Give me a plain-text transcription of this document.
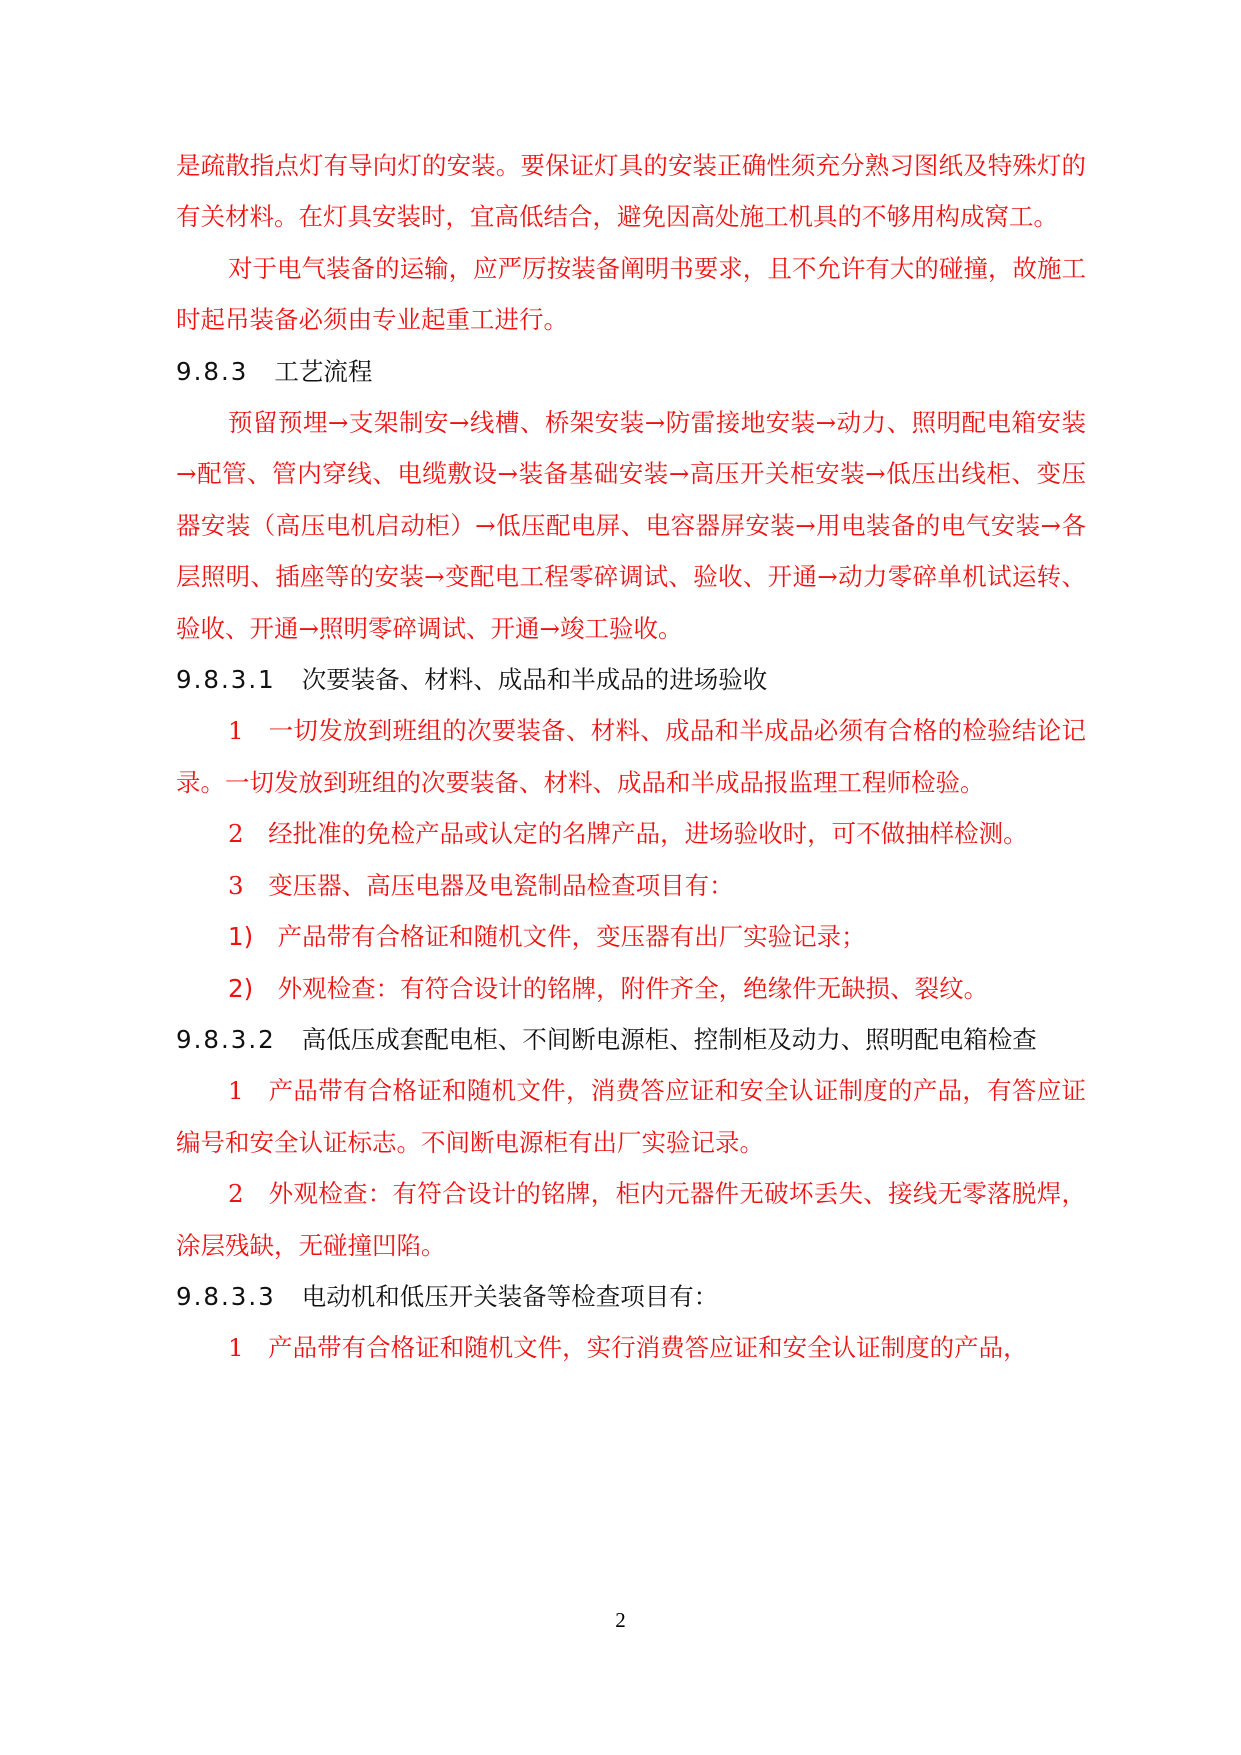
是疏散指点灯有导向灯的安装。要保证灯具的安装正确性须充分熟习图纸及特殊灯的有关材料。在灯具安装时，宜高低结合，避免因高处施工机具的不够用构成窝工。

对于电气装备的运输，应严厉按装备阐明书要求，且不允许有大的碰撞，故施工时起吊装备必须由专业起重工进行。

9.8.3 工艺流程

预留预埋→支架制安→线槽、桥架安装→防雷接地安装→动力、照明配电箱安装→配管、管内穿线、电缆敷设→装备基础安装→高压开关柜安装→低压出线柜、变压器安装（高压电机启动柜）→低压配电屏、电容器屏安装→用电装备的电气安装→各层照明、插座等的安装→变配电工程零碎调试、验收、开通→动力零碎单机试运转、验收、开通→照明零碎调试、开通→竣工验收。

9.8.3.1 次要装备、材料、成品和半成品的进场验收

1　一切发放到班组的次要装备、材料、成品和半成品必须有合格的检验结论记录。一切发放到班组的次要装备、材料、成品和半成品报监理工程师检验。

2　经批准的免检产品或认定的名牌产品，进场验收时，可不做抽样检测。

3　变压器、高压电器及电瓷制品检查项目有：

1)　产品带有合格证和随机文件，变压器有出厂实验记录；

2)　外观检查：有符合设计的铭牌，附件齐全，绝缘件无缺损、裂纹。

9.8.3.2 高低压成套配电柜、不间断电源柜、控制柜及动力、照明配电箱检查

1　产品带有合格证和随机文件，消费答应证和安全认证制度的产品，有答应证编号和安全认证标志。不间断电源柜有出厂实验记录。

2　外观检查：有符合设计的铭牌，柜内元器件无破坏丢失、接线无零落脱焊，涂层残缺，无碰撞凹陷。

9.8.3.3 电动机和低压开关装备等检查项目有：

1　产品带有合格证和随机文件，实行消费答应证和安全认证制度的产品，

2
